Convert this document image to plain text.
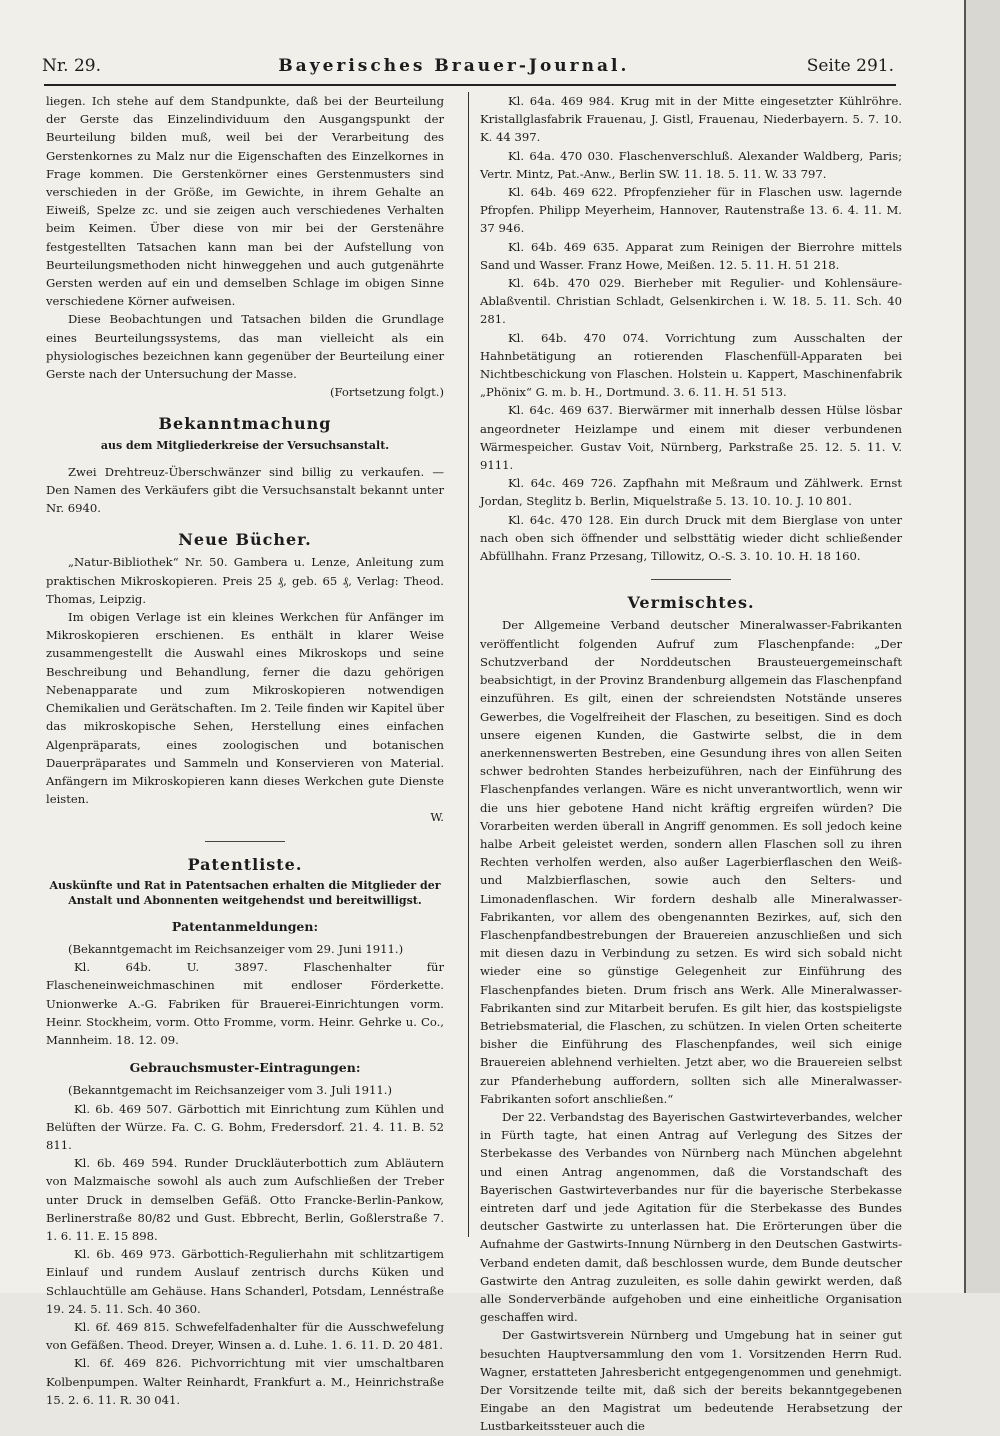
Nr. 29.	Bayerisches Brauer-Journal.	Seite 291.

liegen. Ich stehe auf dem Standpunkte, daß bei der Beurteilung der Gerste das Einzelindividuum den Ausgangspunkt der Beurteilung bilden muß, weil bei der Verarbeitung des Gerstenkornes zu Malz nur die Eigenschaften des Einzelkornes in Frage kommen. Die Gerstenkörner eines Gerstenmusters sind verschieden in der Größe, im Gewichte, in ihrem Gehalte an Eiweiß, Spelze zc. und sie zeigen auch verschiedenes Verhalten beim Keimen. Über diese von mir bei der Gerstenähre festgestellten Tatsachen kann man bei der Aufstellung von Beurteilungsmethoden nicht hinweggehen und auch gutgenährte Gersten werden auf ein und demselben Schlage im obigen Sinne verschiedene Körner aufweisen.

Diese Beobachtungen und Tatsachen bilden die Grundlage eines Beurteilungssystems, das man vielleicht als ein physiologisches bezeichnen kann gegenüber der Beurteilung einer Gerste nach der Untersuchung der Masse.

(Fortsetzung folgt.)

Bekanntmachung
aus dem Mitgliederkreise der Versuchsanstalt.

Zwei Drehtreuz-Überschwänzer sind billig zu verkaufen. — Den Namen des Verkäufers gibt die Versuchsanstalt bekannt unter Nr. 6940.

Neue Bücher.

„Natur-Bibliothek“ Nr. 50. Gambera u. Lenze, Anleitung zum praktischen Mikroskopieren. Preis 25 ₰, geb. 65 ₰, Verlag: Theod. Thomas, Leipzig.

Im obigen Verlage ist ein kleines Werkchen für Anfänger im Mikroskopieren erschienen. Es enthält in klarer Weise zusammengestellt die Auswahl eines Mikroskops und seine Beschreibung und Behandlung, ferner die dazu gehörigen Nebenapparate und zum Mikroskopieren notwendigen Chemikalien und Gerätschaften. Im 2. Teile finden wir Kapitel über das mikroskopische Sehen, Herstellung eines einfachen Algenpräparats, eines zoologischen und botanischen Dauerpräparates und Sammeln und Konservieren von Material. Anfängern im Mikroskopieren kann dieses Werkchen gute Dienste leisten.

W.

Patentliste.
Auskünfte und Rat in Patentsachen erhalten die Mitglieder der Anstalt und Abonnenten weitgehendst und bereitwilligst.
Patentanmeldungen:

(Bekanntgemacht im Reichsanzeiger vom 29. Juni 1911.)

Kl. 64b. U. 3897. Flaschenhalter für Flascheneinweichmaschinen mit endloser Förderkette. Unionwerke A.-G. Fabriken für Brauerei-Einrichtungen vorm. Heinr. Stockheim, vorm. Otto Fromme, vorm. Heinr. Gehrke u. Co., Mannheim. 18. 12. 09.

Gebrauchsmuster-Eintragungen:

(Bekanntgemacht im Reichsanzeiger vom 3. Juli 1911.)

Kl. 6b. 469 507. Gärbottich mit Einrichtung zum Kühlen und Belüften der Würze. Fa. C. G. Bohm, Fredersdorf. 21. 4. 11. B. 52 811.

Kl. 6b. 469 594. Runder Druckläuterbottich zum Abläutern von Malzmaische sowohl als auch zum Aufschließen der Treber unter Druck in demselben Gefäß. Otto Francke-Berlin-Pankow, Berlinerstraße 80/82 und Gust. Ebbrecht, Berlin, Goßlerstraße 7. 1. 6. 11. E. 15 898.

Kl. 6b. 469 973. Gärbottich-Regulierhahn mit schlitzartigem Einlauf und rundem Auslauf zentrisch durchs Küken und Schlauchtülle am Gehäuse. Hans Schanderl, Potsdam, Lennéstraße 19. 24. 5. 11. Sch. 40 360.

Kl. 6f. 469 815. Schwefelfadenhalter für die Ausschwefelung von Gefäßen. Theod. Dreyer, Winsen a. d. Luhe. 1. 6. 11. D. 20 481.

Kl. 6f. 469 826. Pichvorrichtung mit vier umschaltbaren Kolbenpumpen. Walter Reinhardt, Frankfurt a. M., Heinrichstraße 15. 2. 6. 11. R. 30 041.

Kl. 64a. 469 984. Krug mit in der Mitte eingesetzter Kühlröhre. Kristallglasfabrik Frauenau, J. Gistl, Frauenau, Niederbayern. 5. 7. 10. K. 44 397.

Kl. 64a. 470 030. Flaschenverschluß. Alexander Waldberg, Paris; Vertr. Mintz, Pat.-Anw., Berlin SW. 11. 18. 5. 11. W. 33 797.

Kl. 64b. 469 622. Pfropfenzieher für in Flaschen usw. lagernde Pfropfen. Philipp Meyerheim, Hannover, Rautenstraße 13. 6. 4. 11. M. 37 946.

Kl. 64b. 469 635. Apparat zum Reinigen der Bierrohre mittels Sand und Wasser. Franz Howe, Meißen. 12. 5. 11. H. 51 218.

Kl. 64b. 470 029. Bierheber mit Regulier- und Kohlensäure-Ablaßventil. Christian Schladt, Gelsenkirchen i. W. 18. 5. 11. Sch. 40 281.

Kl. 64b. 470 074. Vorrichtung zum Ausschalten der Hahnbetätigung an rotierenden Flaschenfüll-Apparaten bei Nichtbeschickung von Flaschen. Holstein u. Kappert, Maschinenfabrik „Phönix“ G. m. b. H., Dortmund. 3. 6. 11. H. 51 513.

Kl. 64c. 469 637. Bierwärmer mit innerhalb dessen Hülse lösbar angeordneter Heizlampe und einem mit dieser verbundenen Wärmespeicher. Gustav Voit, Nürnberg, Parkstraße 25. 12. 5. 11. V. 9111.

Kl. 64c. 469 726. Zapfhahn mit Meßraum und Zählwerk. Ernst Jordan, Steglitz b. Berlin, Miquelstraße 5. 13. 10. 10. J. 10 801.

Kl. 64c. 470 128. Ein durch Druck mit dem Bierglase von unter nach oben sich öffnender und selbsttätig wieder dicht schließender Abfüllhahn. Franz Przesang, Tillowitz, O.-S. 3. 10. 10. H. 18 160.

Vermischtes.

Der Allgemeine Verband deutscher Mineralwasser-Fabrikanten veröffentlicht folgenden Aufruf zum Flaschenpfande: „Der Schutzverband der Norddeutschen Brausteuergemeinschaft beabsichtigt, in der Provinz Brandenburg allgemein das Flaschenpfand einzuführen. Es gilt, einen der schreiendsten Notstände unseres Gewerbes, die Vogelfreiheit der Flaschen, zu beseitigen. Sind es doch unsere eigenen Kunden, die Gastwirte selbst, die in dem anerkennenswerten Bestreben, eine Gesundung ihres von allen Seiten schwer bedrohten Standes herbeizuführen, nach der Einführung des Flaschenpfandes verlangen. Wäre es nicht unverantwortlich, wenn wir die uns hier gebotene Hand nicht kräftig ergreifen würden? Die Vorarbeiten werden überall in Angriff genommen. Es soll jedoch keine halbe Arbeit geleistet werden, sondern allen Flaschen soll zu ihren Rechten verholfen werden, also außer Lagerbierflaschen den Weiß- und Malzbierflaschen, sowie auch den Selters- und Limonadenflaschen. Wir fordern deshalb alle Mineralwasser-Fabrikanten, vor allem des obengenannten Bezirkes, auf, sich den Flaschenpfandbestrebungen der Brauereien anzuschließen und sich mit diesen dazu in Verbindung zu setzen. Es wird sich sobald nicht wieder eine so günstige Gelegenheit zur Einführung des Flaschenpfandes bieten. Drum frisch ans Werk. Alle Mineralwasser-Fabrikanten sind zur Mitarbeit berufen. Es gilt hier, das kostspieligste Betriebsmaterial, die Flaschen, zu schützen. In vielen Orten scheiterte bisher die Einführung des Flaschenpfandes, weil sich einige Brauereien ablehnend verhielten. Jetzt aber, wo die Brauereien selbst zur Pfanderhebung auffordern, sollten sich alle Mineralwasser-Fabrikanten sofort anschließen.“

Der 22. Verbandstag des Bayerischen Gastwirteverbandes, welcher in Fürth tagte, hat einen Antrag auf Verlegung des Sitzes der Sterbekasse des Verbandes von Nürnberg nach München abgelehnt und einen Antrag angenommen, daß die Vorstandschaft des Bayerischen Gastwirteverbandes nur für die bayerische Sterbekasse eintreten darf und jede Agitation für die Sterbekasse des Bundes deutscher Gastwirte zu unterlassen hat. Die Erörterungen über die Aufnahme der Gastwirts-Innung Nürnberg in den Deutschen Gastwirts-Verband endeten damit, daß beschlossen wurde, dem Bunde deutscher Gastwirte den Antrag zuzuleiten, es solle dahin gewirkt werden, daß alle Sonderverbände aufgehoben und eine einheitliche Organisation geschaffen wird.

Der Gastwirtsverein Nürnberg und Umgebung hat in seiner gut besuchten Hauptversammlung den vom 1. Vorsitzenden Herrn Rud. Wagner, erstatteten Jahresbericht entgegengenommen und genehmigt. Der Vorsitzende teilte mit, daß sich der bereits bekanntgegebenen Eingabe an den Magistrat um bedeutende Herabsetzung der Lustbarkeitssteuer auch die
